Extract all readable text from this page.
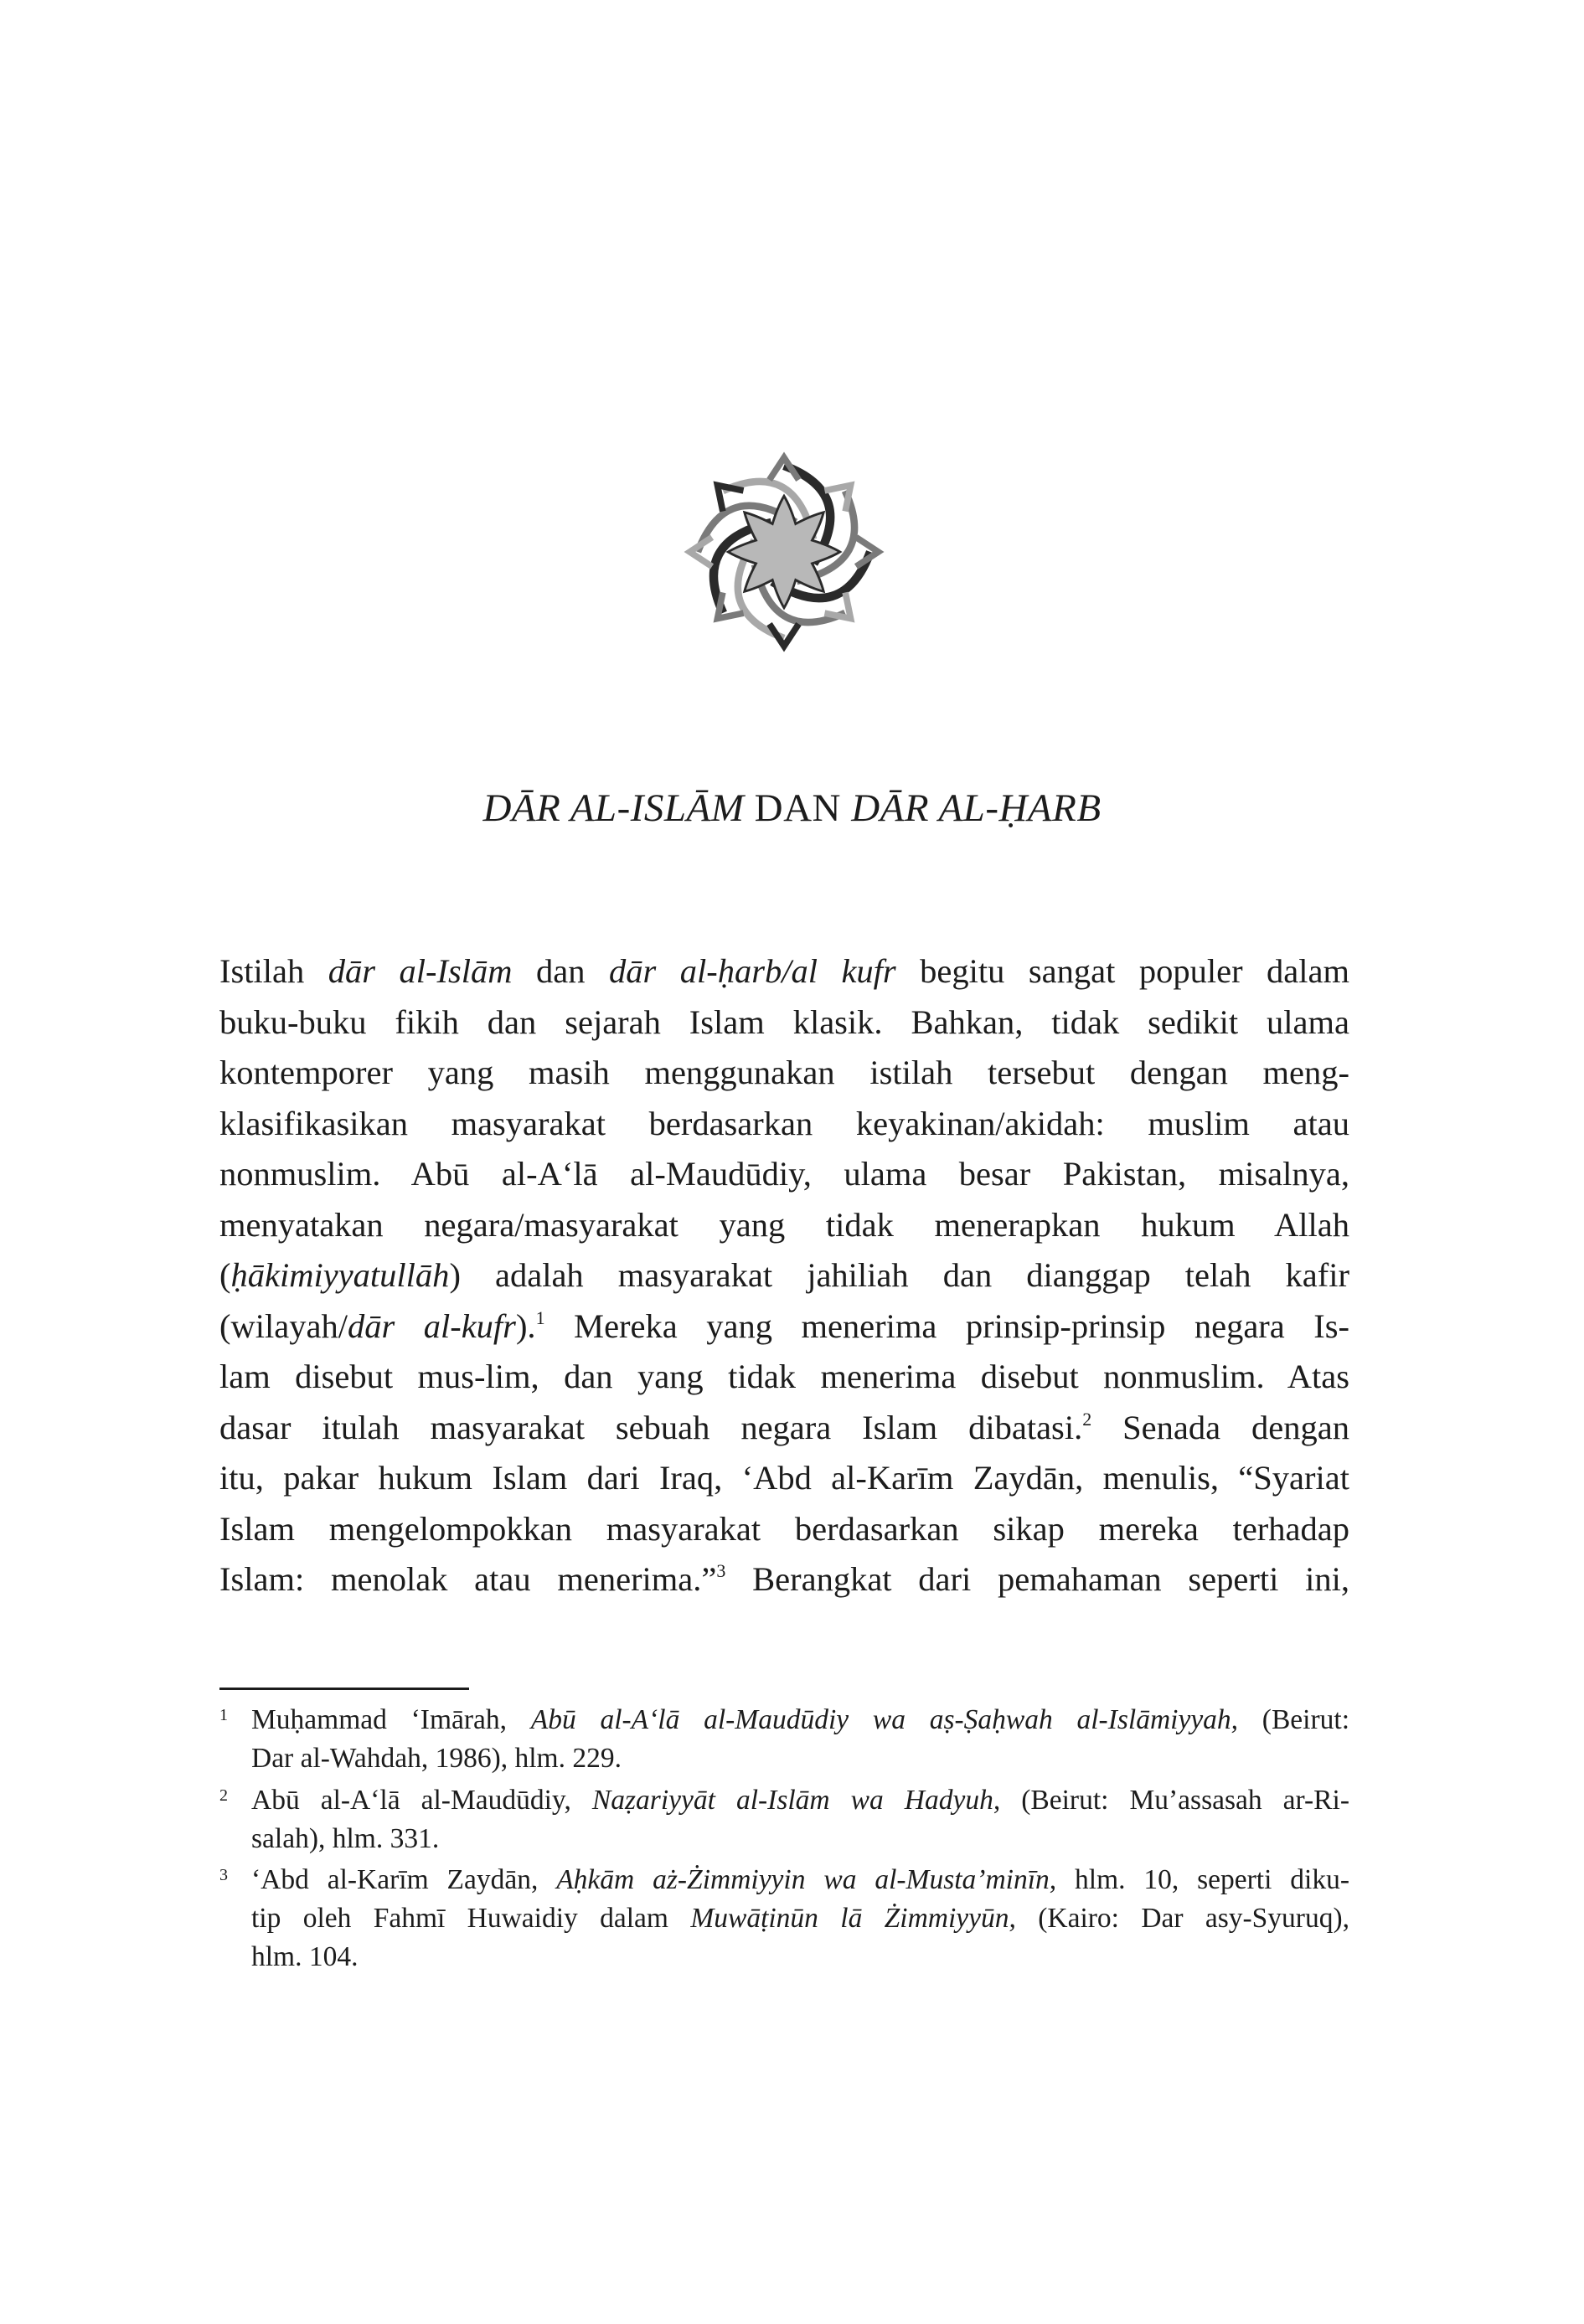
DĀR AL-ISLĀM DAN DĀR AL-ḤARB
Istilah dār al-Islām dan dār al-ḥarb/al kufr begitu sangat populer dalam
buku-buku fikih dan sejarah Islam klasik. Bahkan, tidak sedikit ulama
kontemporer yang masih menggunakan istilah tersebut dengan meng-
klasifikasikan masyarakat berdasarkan keyakinan/akidah: muslim atau
nonmuslim. Abū al-A‘lā al-Maudūdiy, ulama besar Pakistan, misalnya,
menyatakan negara/masyarakat yang tidak menerapkan hukum Allah
(ḥākimiyyatullāh) adalah masyarakat jahiliah dan dianggap telah kafir
(wilayah/dār al-kufr).$^1$ Mereka yang menerima prinsip-prinsip negara Is-
lam disebut mus-lim, dan yang tidak menerima disebut nonmuslim. Atas
dasar itulah masyarakat sebuah negara Islam dibatasi.$^2$ Senada dengan
itu, pakar hukum Islam dari Iraq, ‘Abd al-Karīm Zaydān, menulis, “Syariat
Islam mengelompokkan masyarakat berdasarkan sikap mereka terhadap
Islam: menolak atau menerima.”$^3$ Berangkat dari pemahaman seperti ini,
1 Muḥammad ‘Imārah, Abū al-A‘lā al-Maudūdiy wa aṣ-Ṣaḥwah al-Islāmiyyah, (Beirut:
Dar al-Wahdah, 1986), hlm. 229.
2 Abū al-A‘lā al-Maudūdiy, Naẓariyyāt al-Islām wa Hadyuh, (Beirut: Mu’assasah ar-Ri-
salah), hlm. 331.
3 ‘Abd al-Karīm Zaydān, Aḥkām aż-Żimmiyyin wa al-Musta’minīn, hlm. 10, seperti diku-
tip oleh Fahmī Huwaidiy dalam Muwāṭinūn lā Żimmiyyūn, (Kairo: Dar asy-Syuruq),
hlm. 104.
